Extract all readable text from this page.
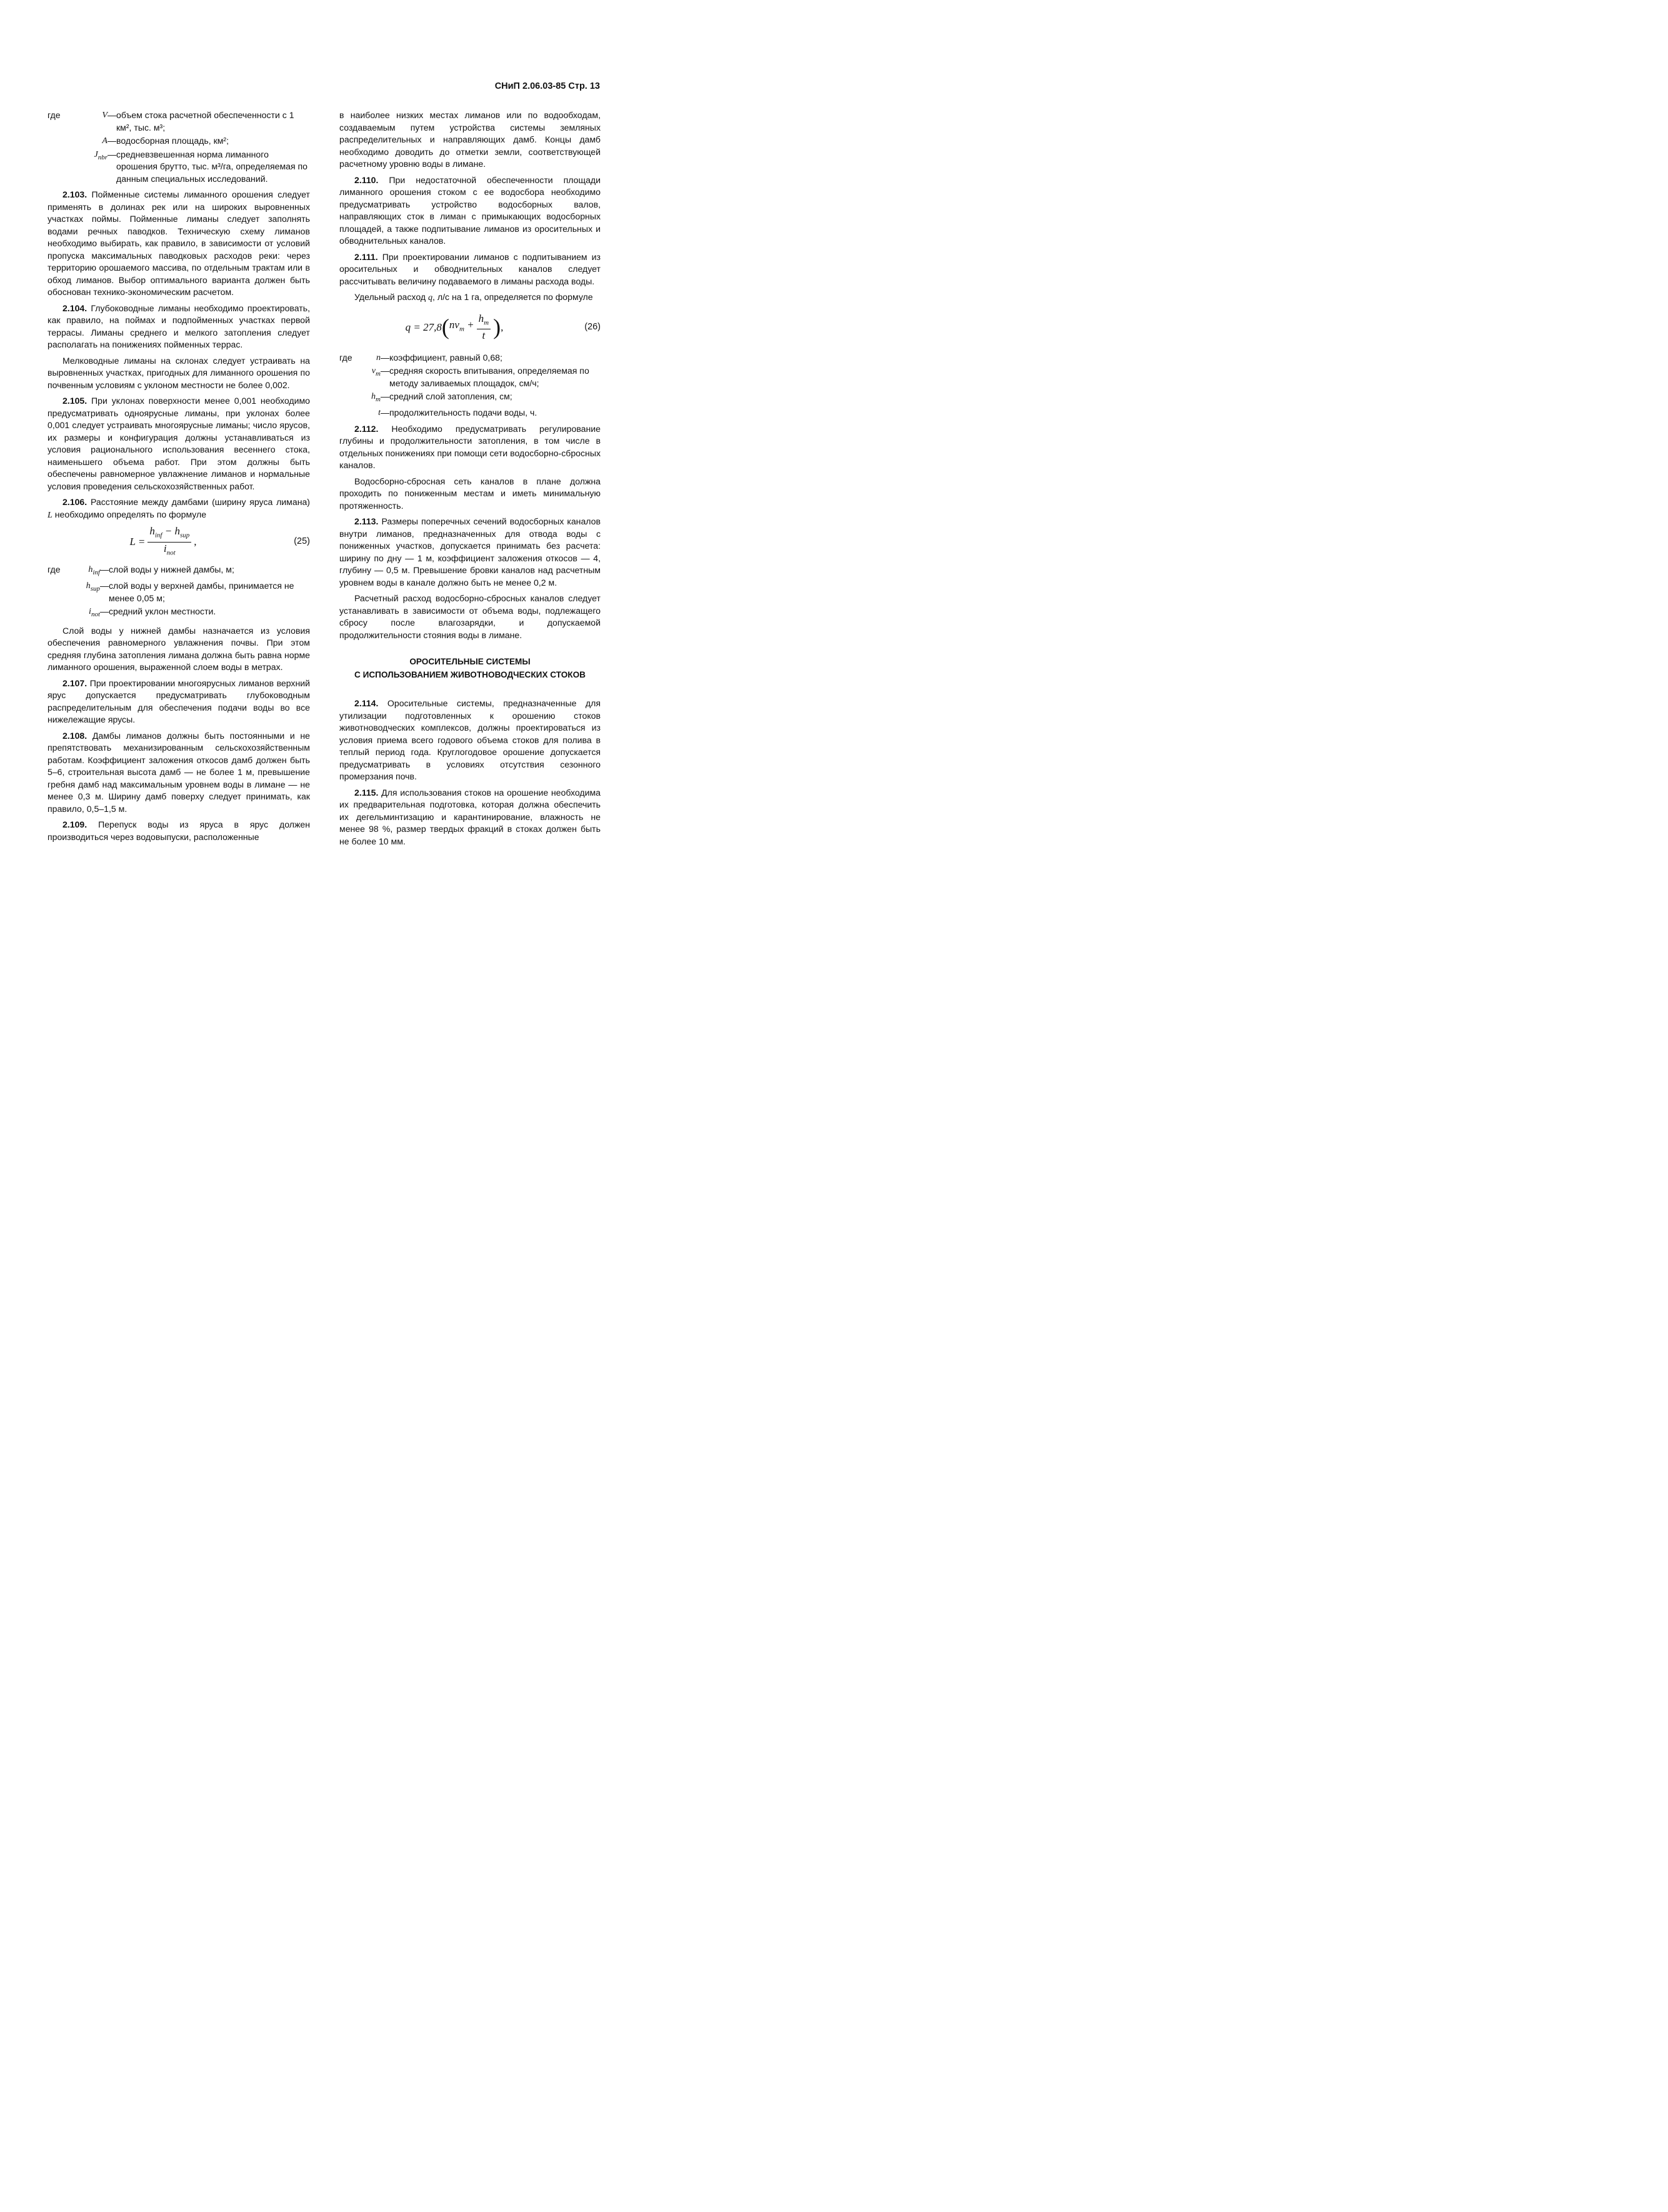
СНиП 2.06.03-85 Стр. 13
где	V — объем стока расчетной обеспеченности с 1 км², тыс. м³;
A — водосборная площадь, км²;
$J_{nbr}$ — средневзвешенная норма лиманного орошения брутто, тыс. м³/га, определяемая по данным специальных исследований.

2.103. Пойменные системы лиманного орошения следует применять в долинах рек или на широких выровненных участках поймы. Пойменные лиманы следует заполнять водами речных паводков. Техническую схему лиманов необходимо выбирать, как правило, в зависимости от условий пропуска максимальных паводковых расходов реки: через территорию орошаемого массива, по отдельным трактам или в обход лиманов. Выбор оптимального варианта должен быть обоснован технико-экономическим расчетом.

2.104. Глубоководные лиманы необходимо проектировать, как правило, на поймах и подпойменных участках первой террасы. Лиманы среднего и мелкого затопления следует располагать на понижениях пойменных террас.

Мелководные лиманы на склонах следует устраивать на выровненных участках, пригодных для лиманного орошения по почвенным условиям с уклоном местности не более 0,002.

2.105. При уклонах поверхности менее 0,001 необходимо предусматривать одноярусные лиманы, при уклонах более 0,001 следует устраивать многоярусные лиманы; число ярусов, их размеры и конфигурация должны устанавливаться из условия рационального использования весеннего стока, наименьшего объема работ. При этом должны быть обеспечены равномерное увлажнение лиманов и нормальные условия проведения сельскохозяйственных работ.

2.106. Расстояние между дамбами (ширину яруса лимана) L необходимо определять по формуле

$L = \frac{h_{inf} - h_{sup}}{i_{not}}$ ,	(25)
где	$h_{inf}$ — слой воды у нижней дамбы, м;
$h_{sup}$ — слой воды у верхней дамбы, принимается не менее 0,05 м;
$i_{not}$ — средний уклон местности.

Слой воды у нижней дамбы назначается из условия обеспечения равномерного увлажнения почвы. При этом средняя глубина затопления лимана должна быть равна норме лиманного орошения, выраженной слоем воды в метрах.

2.107. При проектировании многоярусных лиманов верхний ярус допускается предусматривать глубоководным распределительным для обеспечения подачи воды во все нижележащие ярусы.

2.108. Дамбы лиманов должны быть постоянными и не препятствовать механизированным сельскохозяйственным работам. Коэффициент заложения откосов дамб должен быть 5–6, строительная высота дамб — не более 1 м, превышение гребня дамб над максимальным уровнем воды в лимане — не менее 0,3 м. Ширину дамб поверху следует принимать, как правило, 0,5–1,5 м.

2.109. Перепуск воды из яруса в ярус должен производиться через водовыпуски, расположенные

в наиболее низких местах лиманов или по водообходам, создаваемым путем устройства системы земляных распределительных и направляющих дамб. Концы дамб необходимо доводить до отметки земли, соответствующей расчетному уровню воды в лимане.

2.110. При недостаточной обеспеченности площади лиманного орошения стоком с ее водосбора необходимо предусматривать устройство водосборных валов, направляющих сток в лиман с примыкающих водосборных площадей, а также подпитывание лиманов из оросительных и обводнительных каналов.

2.111. При проектировании лиманов с подпитыванием из оросительных и обводнительных каналов следует рассчитывать величину подаваемого в лиманы расхода воды.

Удельный расход q, л/с на 1 га, определяется по формуле

q = 27,8 ( $nv_m + \frac{h_m}{t}$ ) ,	(26)
где	n — коэффициент, равный 0,68;
$v_m$ — средняя скорость впитывания, определяемая по методу заливаемых площадок, см/ч;
$h_m$ — средний слой затопления, см;
t — продолжительность подачи воды, ч.

2.112. Необходимо предусматривать регулирование глубины и продолжительности затопления, в том числе в отдельных понижениях при помощи сети водосборно-сбросных каналов.

Водосборно-сбросная сеть каналов в плане должна проходить по пониженным местам и иметь минимальную протяженность.

2.113. Размеры поперечных сечений водосборных каналов внутри лиманов, предназначенных для отвода воды с пониженных участков, допускается принимать без расчета: ширину по дну — 1 м, коэффициент заложения откосов — 4, глубину — 0,5 м. Превышение бровки каналов над расчетным уровнем воды в канале должно быть не менее 0,2 м.

Расчетный расход водосборно-сбросных каналов следует устанавливать в зависимости от объема воды, подлежащего сбросу после влагозарядки, и допускаемой продолжительности стояния воды в лимане.

ОРОСИТЕЛЬНЫЕ СИСТЕМЫ
С ИСПОЛЬЗОВАНИЕМ ЖИВОТНОВОДЧЕСКИХ СТОКОВ

2.114. Оросительные системы, предназначенные для утилизации подготовленных к орошению стоков животноводческих комплексов, должны проектироваться из условия приема всего годового объема стоков для полива в теплый период года. Круглогодовое орошение допускается предусматривать в условиях отсутствия сезонного промерзания почв.

2.115. Для использования стоков на орошение необходима их предварительная подготовка, которая должна обеспечить их дегельминтизацию и карантинирование, влажность не менее 98 %, размер твердых фракций в стоках должен быть не более 10 мм.
